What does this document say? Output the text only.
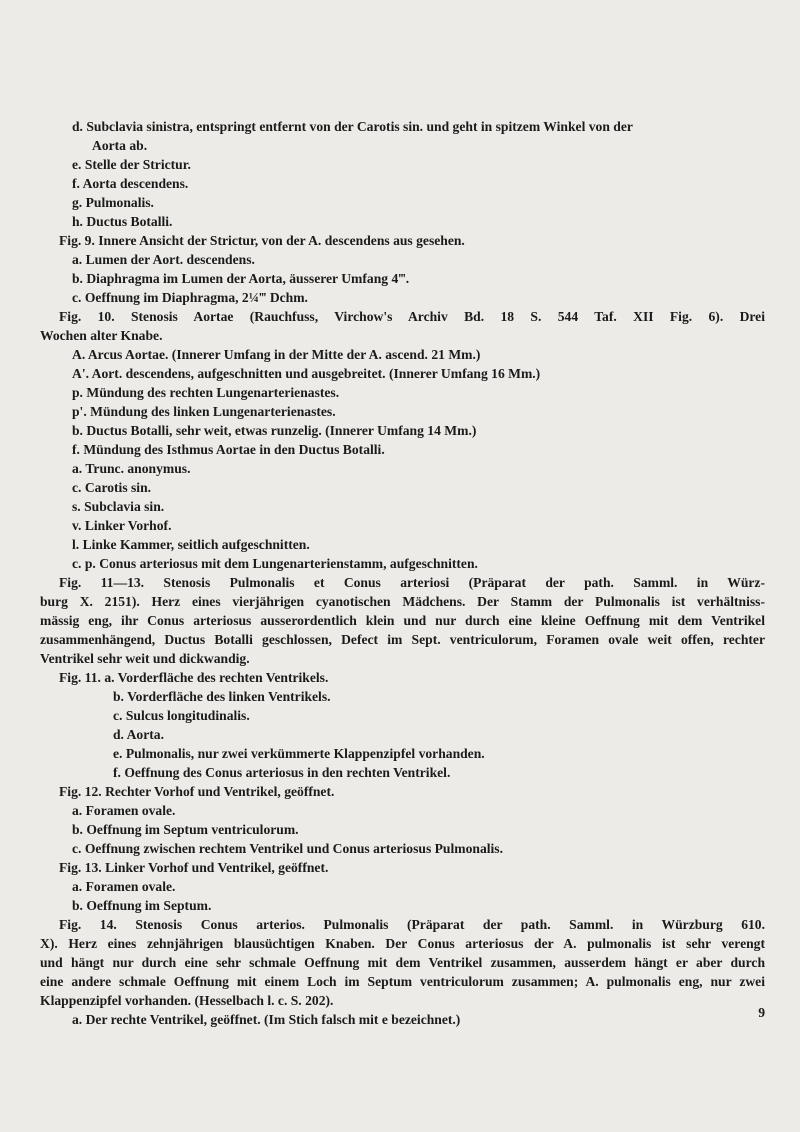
d. Subclavia sinistra, entspringt entfernt von der Carotis sin. und geht in spitzem Winkel von der
Aorta ab.
e. Stelle der Strictur.
f. Aorta descendens.
g. Pulmonalis.
h. Ductus Botalli.
Fig. 9. Innere Ansicht der Strictur, von der A. descendens aus gesehen.
a. Lumen der Aort. descendens.
b. Diaphragma im Lumen der Aorta, äusserer Umfang 4‴.
c. Oeffnung im Diaphragma, 2¼‴ Dchm.
Fig. 10. Stenosis Aortae (Rauchfuss, Virchow's Archiv Bd. 18 S. 544 Taf. XII Fig. 6). Drei
Wochen alter Knabe.
A. Arcus Aortae. (Innerer Umfang in der Mitte der A. ascend. 21 Mm.)
A'. Aort. descendens, aufgeschnitten und ausgebreitet. (Innerer Umfang 16 Mm.)
p. Mündung des rechten Lungenarterienastes.
p'. Mündung des linken Lungenarterienastes.
b. Ductus Botalli, sehr weit, etwas runzelig. (Innerer Umfang 14 Mm.)
f. Mündung des Isthmus Aortae in den Ductus Botalli.
a. Trunc. anonymus.
c. Carotis sin.
s. Subclavia sin.
v. Linker Vorhof.
l. Linke Kammer, seitlich aufgeschnitten.
c. p. Conus arteriosus mit dem Lungenarterienstamm, aufgeschnitten.
Fig. 11—13. Stenosis Pulmonalis et Conus arteriosi (Präparat der path. Samml. in Würz-
burg X. 2151). Herz eines vierjährigen cyanotischen Mädchens. Der Stamm der Pulmonalis ist verhältniss-
mässig eng, ihr Conus arteriosus ausserordentlich klein und nur durch eine kleine Oeffnung mit dem Ventrikel
zusammenhängend, Ductus Botalli geschlossen, Defect im Sept. ventriculorum, Foramen ovale weit offen, rechter
Ventrikel sehr weit und dickwandig.
Fig. 11. a. Vorderfläche des rechten Ventrikels.
b. Vorderfläche des linken Ventrikels.
c. Sulcus longitudinalis.
d. Aorta.
e. Pulmonalis, nur zwei verkümmerte Klappenzipfel vorhanden.
f. Oeffnung des Conus arteriosus in den rechten Ventrikel.
Fig. 12. Rechter Vorhof und Ventrikel, geöffnet.
a. Foramen ovale.
b. Oeffnung im Septum ventriculorum.
c. Oeffnung zwischen rechtem Ventrikel und Conus arteriosus Pulmonalis.
Fig. 13. Linker Vorhof und Ventrikel, geöffnet.
a. Foramen ovale.
b. Oeffnung im Septum.
Fig. 14. Stenosis Conus arterios. Pulmonalis (Präparat der path. Samml. in Würzburg 610.
X). Herz eines zehnjährigen blausüchtigen Knaben. Der Conus arteriosus der A. pulmonalis ist sehr verengt
und hängt nur durch eine sehr schmale Oeffnung mit dem Ventrikel zusammen, ausserdem hängt er aber durch
eine andere schmale Oeffnung mit einem Loch im Septum ventriculorum zusammen; A. pulmonalis eng, nur zwei
Klappenzipfel vorhanden. (Hesselbach l. c. S. 202).
a. Der rechte Ventrikel, geöffnet. (Im Stich falsch mit e bezeichnet.)	9
